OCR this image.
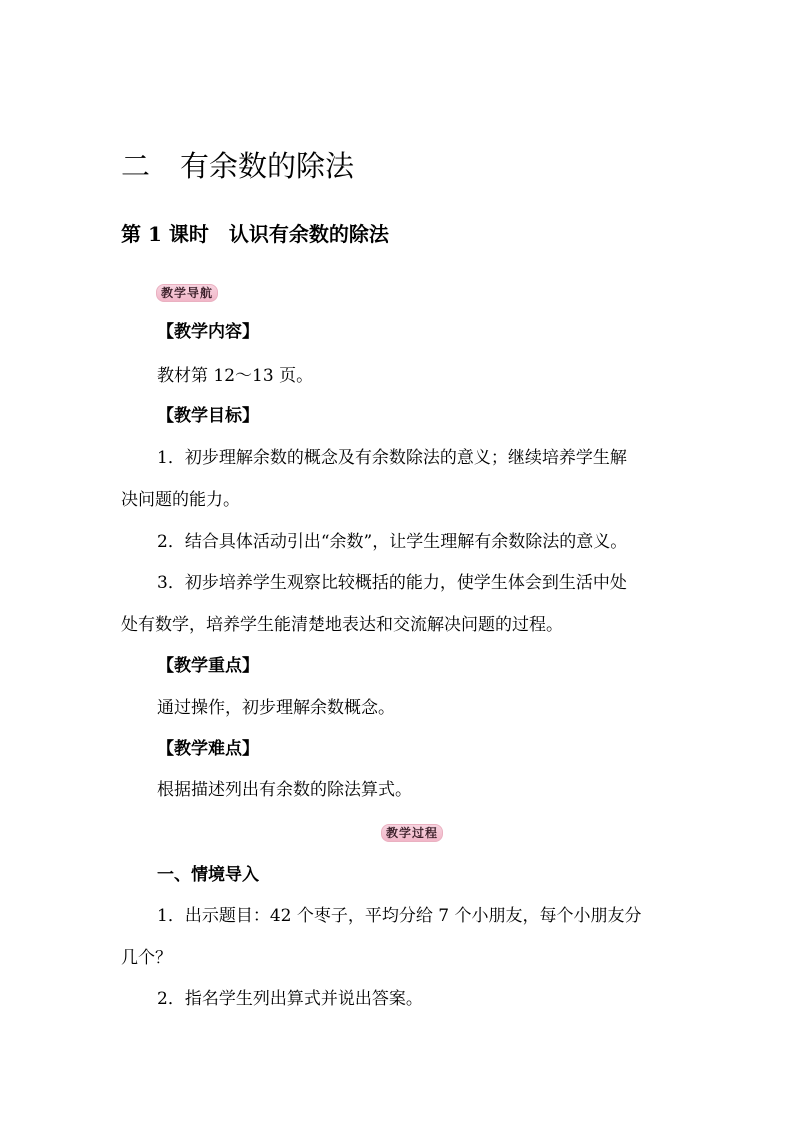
二 有余数的除法
第 1 课时 认识有余数的除法
教学导航
【教学内容】
教材第 12～13 页。
【教学目标】
1．初步理解余数的概念及有余数除法的意义；继续培养学生解
决问题的能力。
2．结合具体活动引出“余数”，让学生理解有余数除法的意义。
3．初步培养学生观察比较概括的能力，使学生体会到生活中处
处有数学，培养学生能清楚地表达和交流解决问题的过程。
【教学重点】
通过操作，初步理解余数概念。
【教学难点】
根据描述列出有余数的除法算式。
教学过程
一、情境导入
1．出示题目：42 个枣子，平均分给 7 个小朋友，每个小朋友分
几个？
2．指名学生列出算式并说出答案。
